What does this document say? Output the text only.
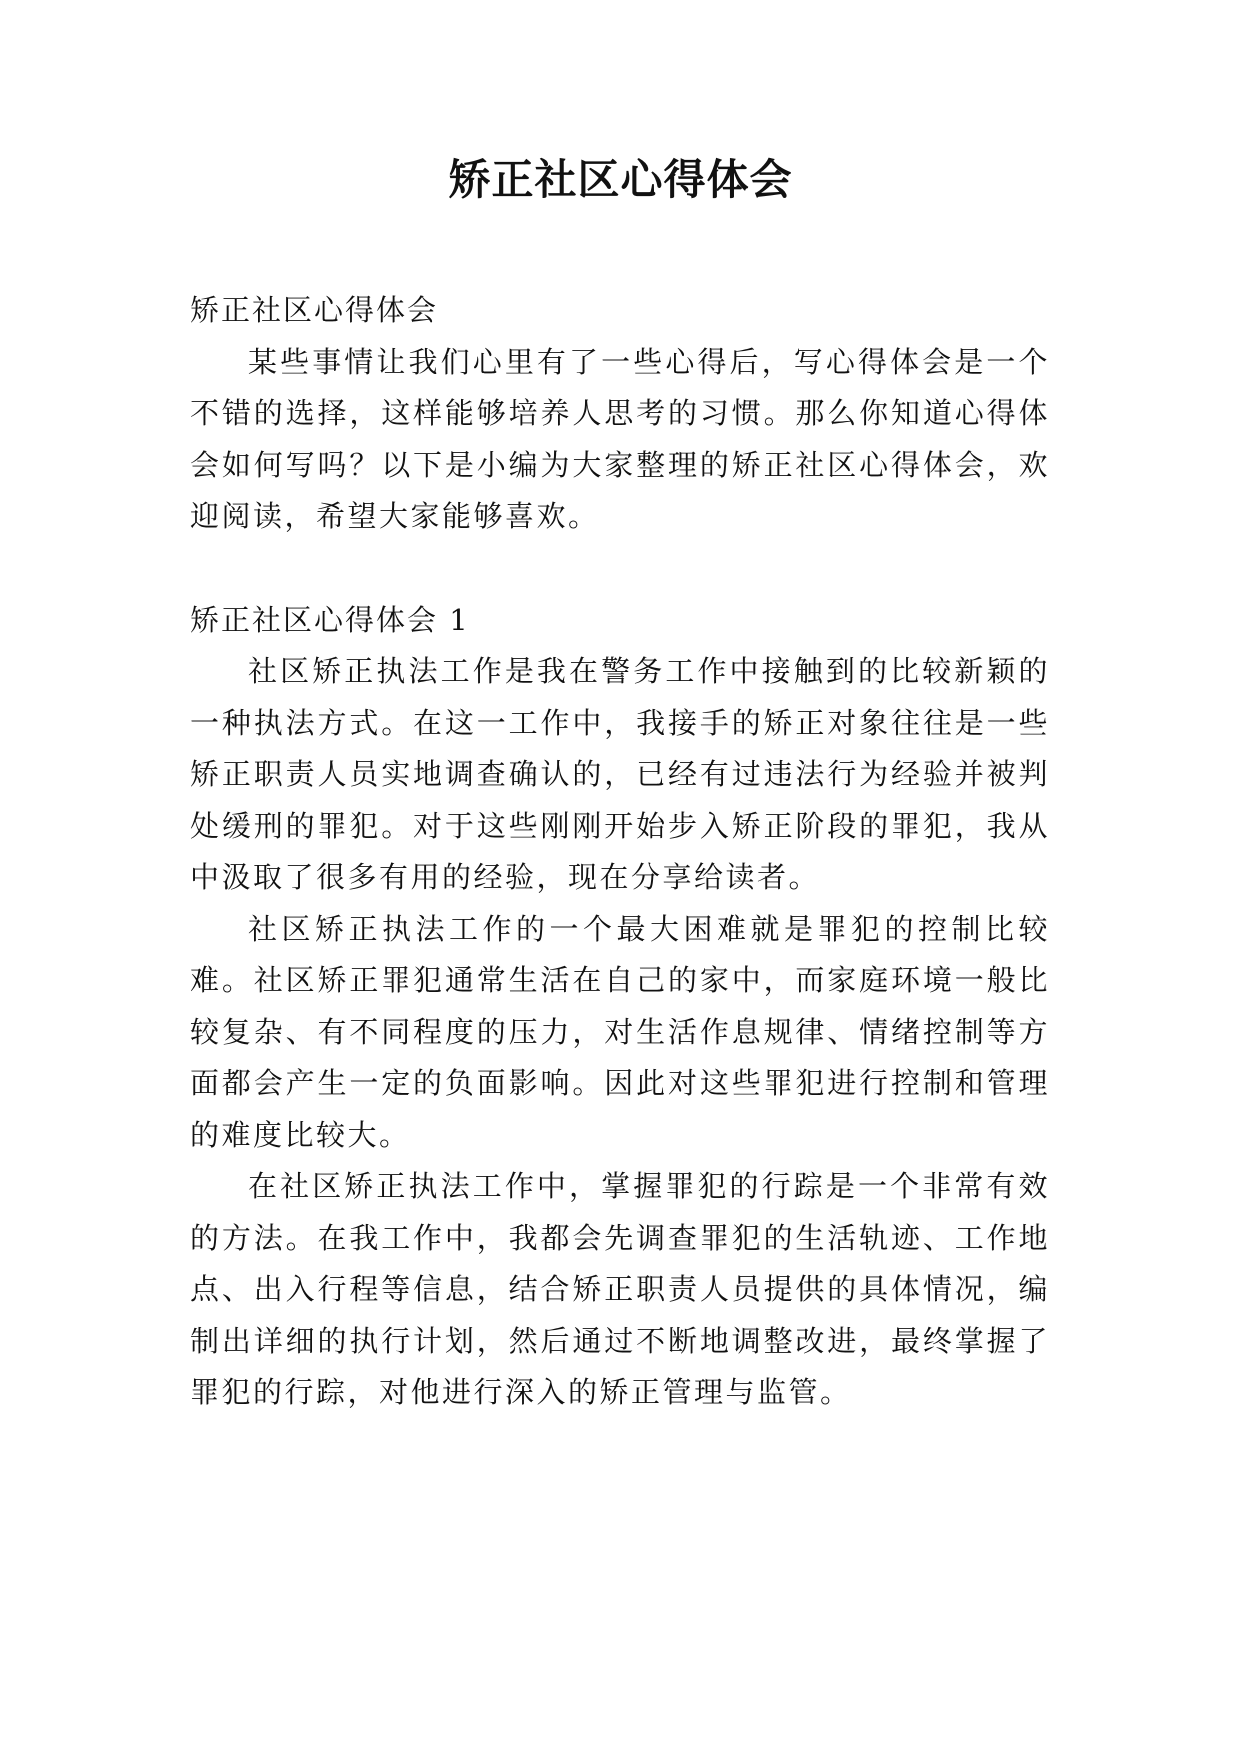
矫正社区心得体会

矫正社区心得体会

某些事情让我们心里有了一些心得后，写心得体会是一个不错的选择，这样能够培养人思考的习惯。那么你知道心得体会如何写吗？以下是小编为大家整理的矫正社区心得体会，欢迎阅读，希望大家能够喜欢。

矫正社区心得体会 1

社区矫正执法工作是我在警务工作中接触到的比较新颖的一种执法方式。在这一工作中，我接手的矫正对象往往是一些矫正职责人员实地调查确认的，已经有过违法行为经验并被判处缓刑的罪犯。对于这些刚刚开始步入矫正阶段的罪犯，我从中汲取了很多有用的经验，现在分享给读者。

社区矫正执法工作的一个最大困难就是罪犯的控制比较难。社区矫正罪犯通常生活在自己的家中，而家庭环境一般比较复杂、有不同程度的压力，对生活作息规律、情绪控制等方面都会产生一定的负面影响。因此对这些罪犯进行控制和管理的难度比较大。

在社区矫正执法工作中，掌握罪犯的行踪是一个非常有效的方法。在我工作中，我都会先调查罪犯的生活轨迹、工作地点、出入行程等信息，结合矫正职责人员提供的具体情况，编制出详细的执行计划，然后通过不断地调整改进，最终掌握了罪犯的行踪，对他进行深入的矫正管理与监管。
